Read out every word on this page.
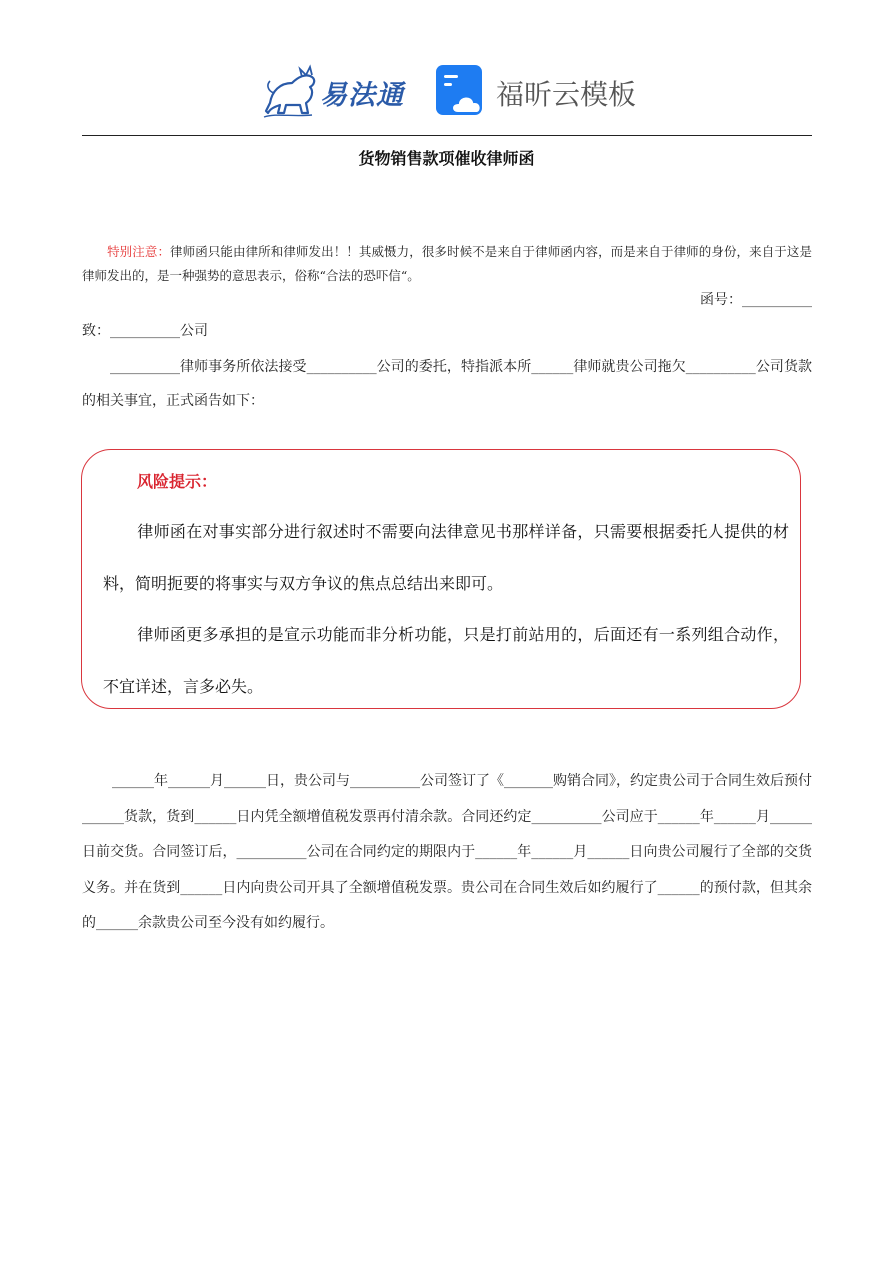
易法通	福昕云模板
货物销售款项催收律师函
特别注意：律师函只能由律所和律师发出！！其威慑力，很多时候不是来自于律师函内容，而是来自于律师的身份，来自于这是律师发出的，是一种强势的意思表示，俗称“合法的恐吓信“。
函号：__________
致：__________公司
__________律师事务所依法接受__________公司的委托，特指派本所______律师就贵公司拖欠__________公司货款的相关事宜，正式函告如下：
风险提示：
律师函在对事实部分进行叙述时不需要向法律意见书那样详备，只需要根据委托人提供的材料，简明扼要的将事实与双方争议的焦点总结出来即可。
律师函更多承担的是宣示功能而非分析功能，只是打前站用的，后面还有一系列组合动作，不宜详述，言多必失。
______年______月______日，贵公司与__________公司签订了《_______购销合同》，约定贵公司于合同生效后预付______货款，货到______日内凭全额增值税发票再付清余款。合同还约定__________公司应于______年______月______日前交货。合同签订后，__________公司在合同约定的期限内于______年______月______日向贵公司履行了全部的交货义务。并在货到______日内向贵公司开具了全额增值税发票。贵公司在合同生效后如约履行了______的预付款，但其余的______余款贵公司至今没有如约履行。
